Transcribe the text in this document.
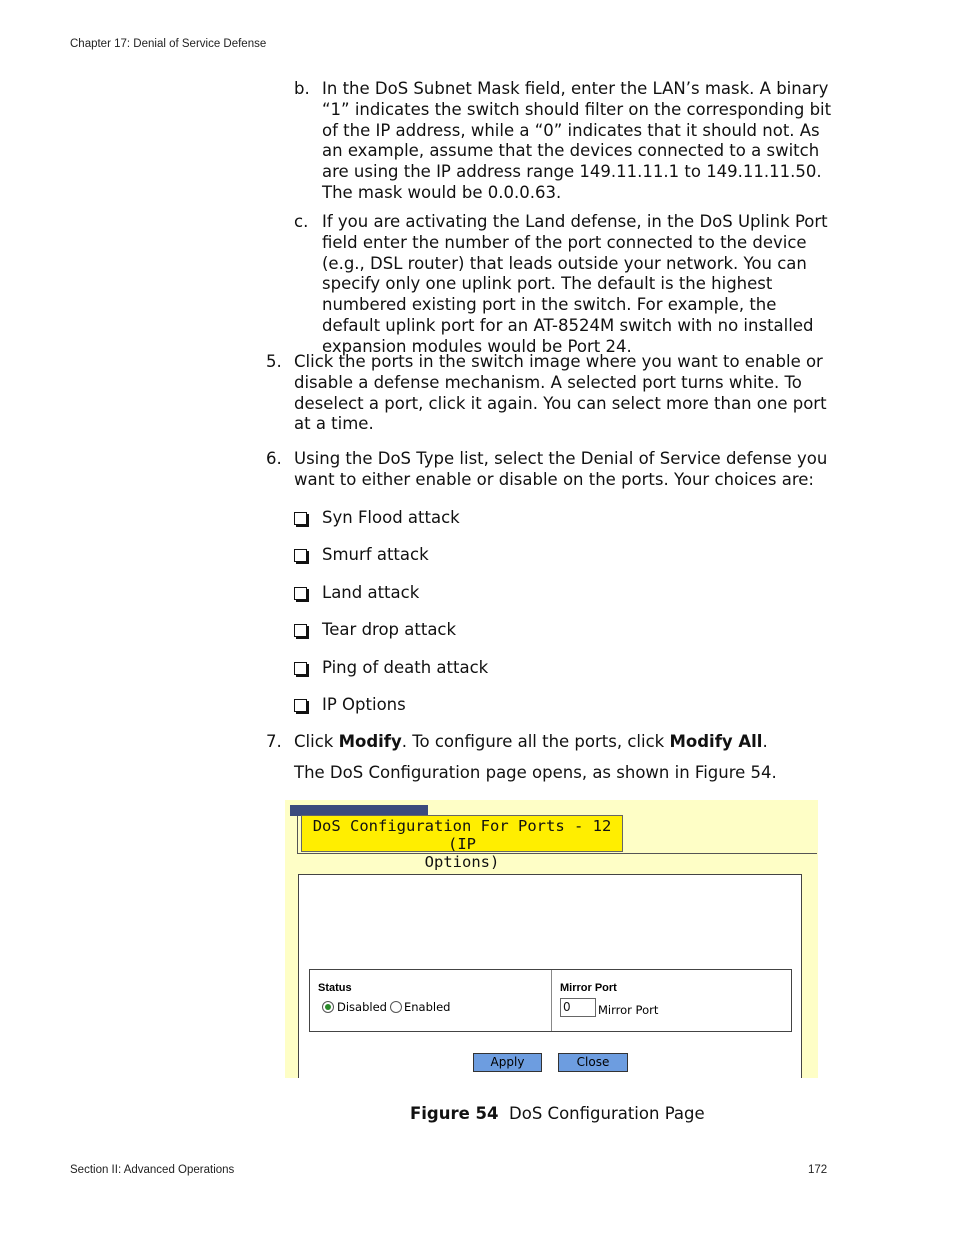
Chapter 17: Denial of Service Defense
b. In the DoS Subnet Mask field, enter the LAN’s mask. A binary “1” indicates the switch should filter on the corresponding bit of the IP address, while a “0” indicates that it should not. As an example, assume that the devices connected to a switch are using the IP address range 149.11.11.1 to 149.11.11.50. The mask would be 0.0.0.63.
c. If you are activating the Land defense, in the DoS Uplink Port field enter the number of the port connected to the device (e.g., DSL router) that leads outside your network. You can specify only one uplink port. The default is the highest numbered existing port in the switch. For example, the default uplink port for an AT-8524M switch with no installed expansion modules would be Port 24.
5. Click the ports in the switch image where you want to enable or disable a defense mechanism. A selected port turns white. To deselect a port, click it again. You can select more than one port at a time.
6. Using the DoS Type list, select the Denial of Service defense you want to either enable or disable on the ports. Your choices are:
Syn Flood attack
Smurf attack
Land attack
Tear drop attack
Ping of death attack
IP Options
7. Click Modify. To configure all the ports, click Modify All.
The DoS Configuration page opens, as shown in Figure 54.
DoS Configuration For Ports - 12 (IP
Options)
Status
Disabled Enabled
Mirror Port
0	Mirror Port
Apply	Close
Figure 54 DoS Configuration Page
Section II: Advanced Operations	172
